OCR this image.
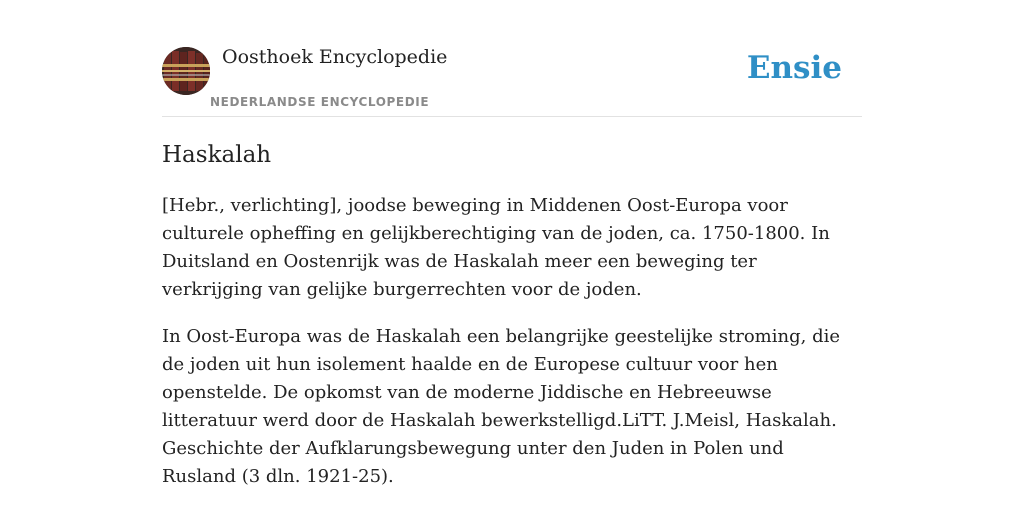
Oosthoek Encyclopedie
NEDERLANDSE ENCYCLOPEDIE
Ensie
Haskalah

[Hebr., verlichting], joodse beweging in Middenen Oost-Europa voor culturele opheffing en gelijkberechtiging van de joden, ca. 1750-1800. In Duitsland en Oostenrijk was de Haskalah meer een beweging ter verkrijging van gelijke burgerrechten voor de joden.

In Oost-Europa was de Haskalah een belangrijke geestelijke stroming, die de joden uit hun isolement haalde en de Europese cultuur voor hen openstelde. De opkomst van de moderne Jiddische en Hebreeuwse litteratuur werd door de Haskalah bewerkstelligd.LiTT. J.Meisl, Haskalah. Geschichte der Aufklarungsbewegung unter den Juden in Polen und Rusland (3 dln. 1921-25).
